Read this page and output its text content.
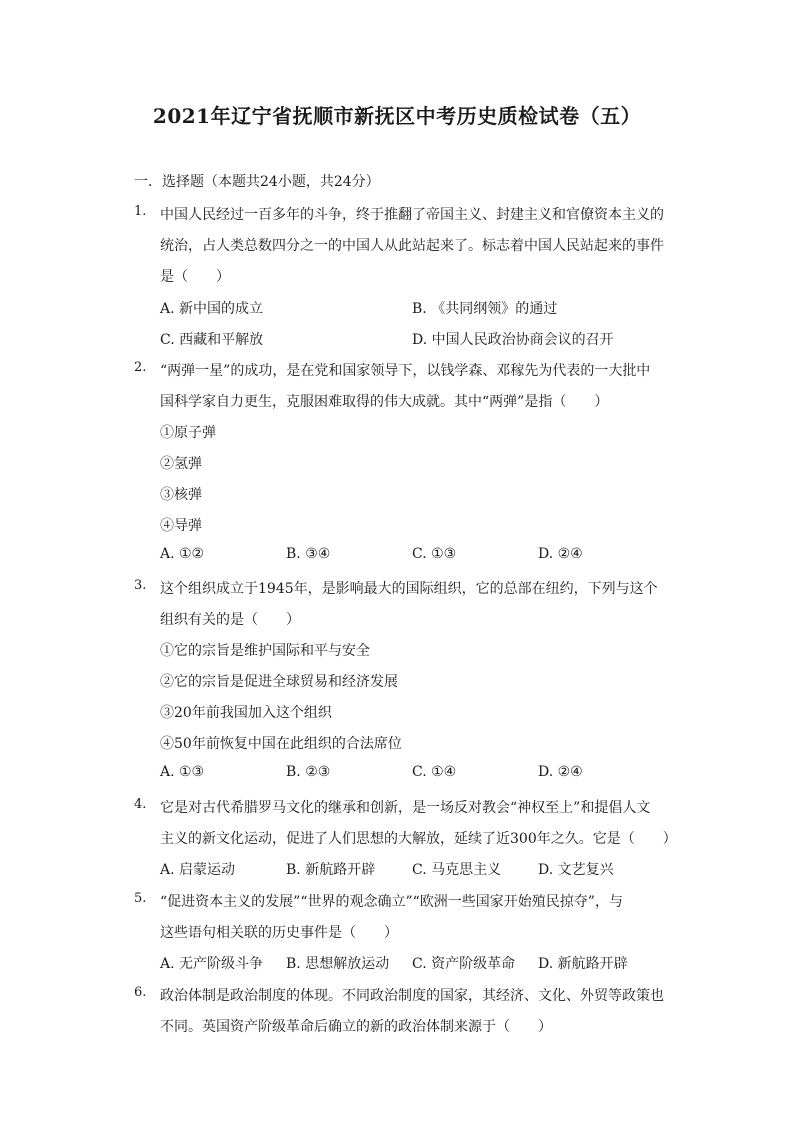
2021年辽宁省抚顺市新抚区中考历史质检试卷（五）
一．选择题（本题共24小题，共24分）
1. 中国人民经过一百多年的斗争，终于推翻了帝国主义、封建主义和官僚资本主义的
统治，占人类总数四分之一的中国人从此站起来了。标志着中国人民站起来的事件
是（　　）
A. 新中国的成立	B. 《共同纲领》的通过
C. 西藏和平解放	D. 中国人民政治协商会议的召开
2. “两弹一星”的成功，是在党和国家领导下，以钱学森、邓稼先为代表的一大批中
国科学家自力更生，克服困难取得的伟大成就。其中“两弹”是指（　　）
①原子弹
②氢弹
③核弹
④导弹
A. ①②	B. ③④	C. ①③	D. ②④
3. 这个组织成立于1945年，是影响最大的国际组织，它的总部在纽约，下列与这个
组织有关的是（　　）
①它的宗旨是维护国际和平与安全
②它的宗旨是促进全球贸易和经济发展
③20年前我国加入这个组织
④50年前恢复中国在此组织的合法席位
A. ①③	B. ②③	C. ①④	D. ②④
4. 它是对古代希腊罗马文化的继承和创新，是一场反对教会“神权至上”和提倡人文
主义的新文化运动，促进了人们思想的大解放，延续了近300年之久。它是（　　）
A. 启蒙运动	B. 新航路开辟	C. 马克思主义	D. 文艺复兴
5. “促进资本主义的发展”“世界的观念确立”“欧洲一些国家开始殖民掠夺”，与
这些语句相关联的历史事件是（　　）
A. 无产阶级斗争 B. 思想解放运动 C. 资产阶级革命 D. 新航路开辟
6. 政治体制是政治制度的体现。不同政治制度的国家，其经济、文化、外贸等政策也
不同。英国资产阶级革命后确立的新的政治体制来源于（　　）
